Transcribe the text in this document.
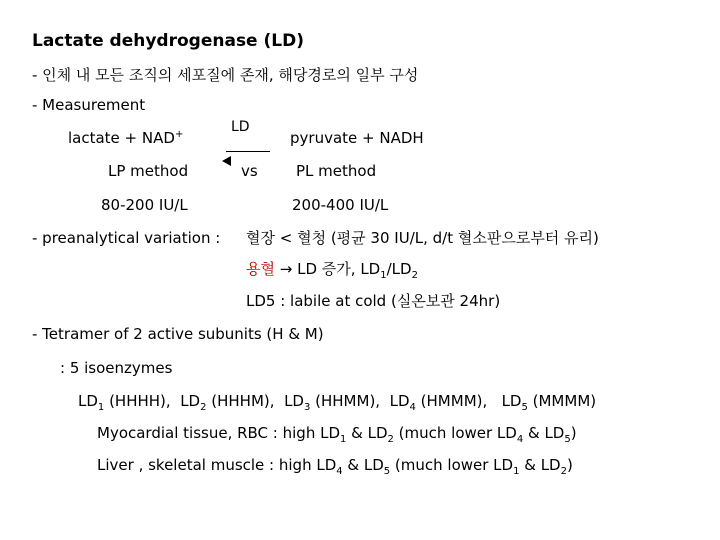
Lactate dehydrogenase (LD)
- 인체 내 모든 조직의 세포질에 존재, 해당경로의 일부 구성
- Measurement
lactate + NAD+	LD
pyruvate + NADH
LP method	vs	PL method
80-200 IU/L	200-400 IU/L
- preanalytical variation : 혈장 < 혈청 (평균 30 IU/L, d/t 혈소판으로부터 유리)
용혈 → LD 증가, $LD_1/LD_2$
LD5 : labile at cold (실온보관 24hr)
- Tetramer of 2 active subunits (H & M)
: 5 isoenzymes
$LD_1$ (HHHH), $LD_2$ (HHHM), $LD_3$ (HHMM), $LD_4$ (HMMM), $LD_5$ (MMMM)
Myocardial tissue, RBC : high $LD_1$ & $LD_2$ (much lower $LD_4$ & $LD_5$)
Liver , skeletal muscle : high $LD_4$ & $LD_5$ (much lower $LD_1$ & $LD_2$)
